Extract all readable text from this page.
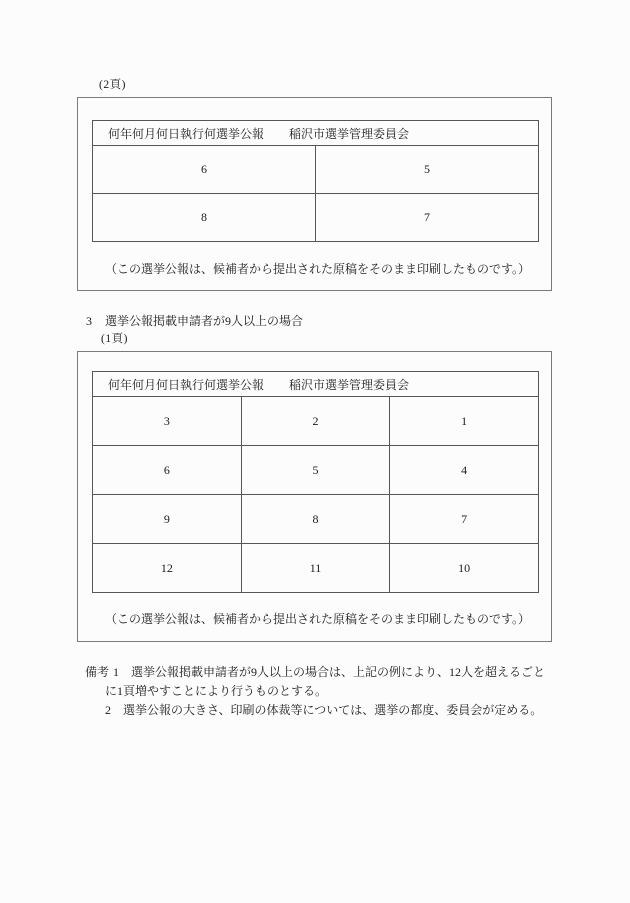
(2頁)
何年何月何日執行何選挙公報 稲沢市選挙管理委員会
6	5
8	7
（この選挙公報は、候補者から提出された原稿をそのまま印刷したものです。）
3 選挙公報掲載申請者が9人以上の場合
(1頁)
何年何月何日執行何選挙公報 稲沢市選挙管理委員会
3	2	1
6	5	4
9	8	7
12	11	10
（この選挙公報は、候補者から提出された原稿をそのまま印刷したものです。）
備考 1 選挙公報掲載申請者が9人以上の場合は、上記の例により、12人を超えるごと
に1頁増やすことにより行うものとする。
2 選挙公報の大きさ、印刷の体裁等については、選挙の都度、委員会が定める。
